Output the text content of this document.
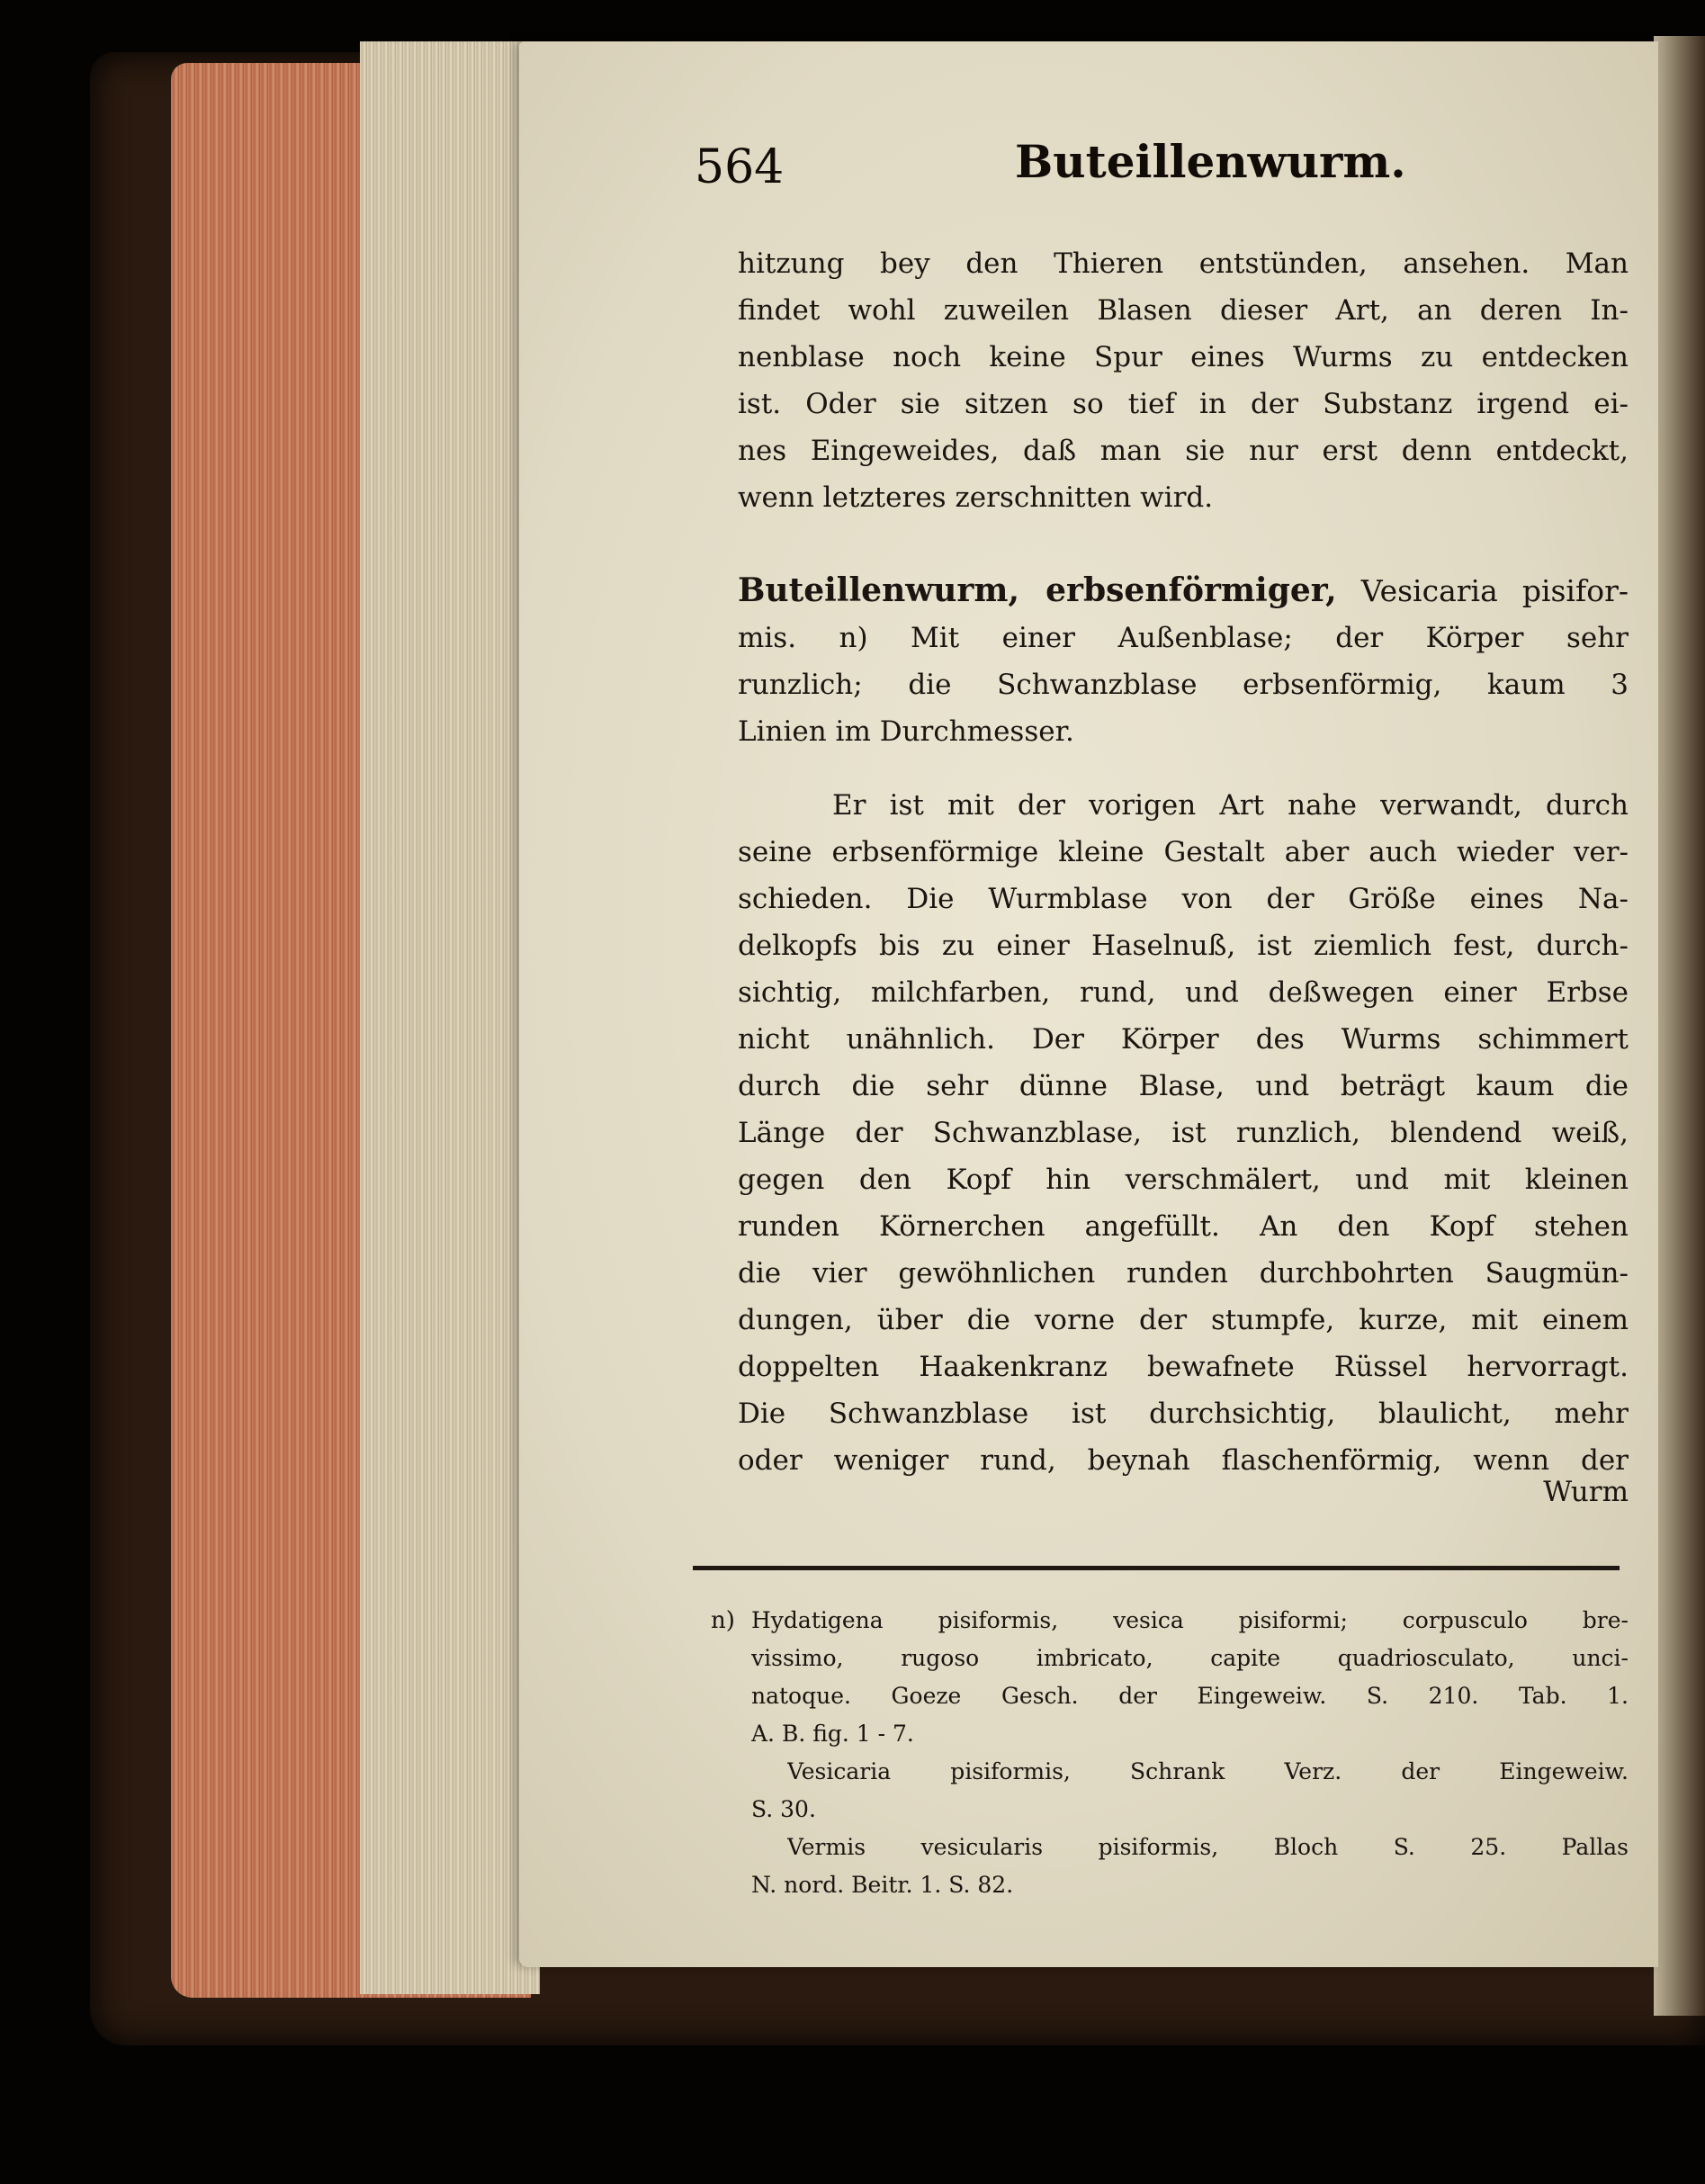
564	Buteillenwurm.
hitzung bey den Thieren entstünden, ansehen. Man
findet wohl zuweilen Blasen dieser Art, an deren In-
nenblase noch keine Spur eines Wurms zu entdecken
ist. Oder sie sitzen so tief in der Substanz irgend ei-
nes Eingeweides, daß man sie nur erst denn entdeckt,
wenn letzteres zerschnitten wird.
Buteillenwurm, erbsenförmiger, Vesicaria pisifor-
mis. n) Mit einer Außenblase; der Körper sehr
runzlich; die Schwanzblase erbsenförmig, kaum 3
Linien im Durchmesser.
Er ist mit der vorigen Art nahe verwandt, durch
seine erbsenförmige kleine Gestalt aber auch wieder ver-
schieden. Die Wurmblase von der Größe eines Na-
delkopfs bis zu einer Haselnuß, ist ziemlich fest, durch-
sichtig, milchfarben, rund, und deßwegen einer Erbse
nicht unähnlich. Der Körper des Wurms schimmert
durch die sehr dünne Blase, und beträgt kaum die
Länge der Schwanzblase, ist runzlich, blendend weiß,
gegen den Kopf hin verschmälert, und mit kleinen
runden Körnerchen angefüllt. An den Kopf stehen
die vier gewöhnlichen runden durchbohrten Saugmün-
dungen, über die vorne der stumpfe, kurze, mit einem
doppelten Haakenkranz bewafnete Rüssel hervorragt.
Die Schwanzblase ist durchsichtig, blaulicht, mehr
oder weniger rund, beynah flaschenförmig, wenn der
Wurm
n) Hydatigena pisiformis, vesica pisiformi; corpusculo bre-
vissimo, rugoso imbricato, capite quadriosculato, unci-
natoque. Goeze Gesch. der Eingeweiw. S. 210. Tab. 1.
A. B. fig. 1 - 7.
Vesicaria pisiformis, Schrank Verz. der Eingeweiw.
S. 30.
Vermis vesicularis pisiformis, Bloch S. 25. Pallas
N. nord. Beitr. 1. S. 82.
